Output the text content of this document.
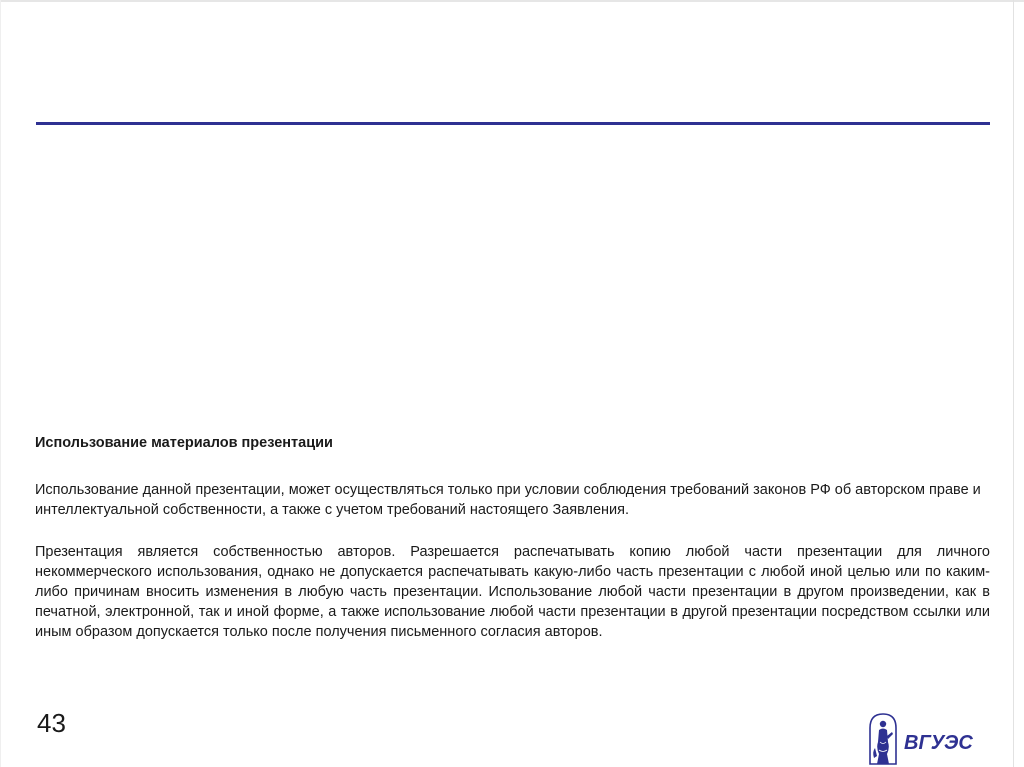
Использование материалов презентации

Использование данной презентации, может осуществляться только при условии соблюдения требований законов РФ об авторском праве и интеллектуальной собственности, а также с учетом требований настоящего Заявления.

Презентация является собственностью авторов. Разрешается распечатывать копию любой части презентации для личного некоммерческого использования, однако не допускается распечатывать какую-либо часть презентации с любой иной целью или по каким-либо причинам вносить изменения в любую часть презентации. Использование любой части презентации в другом произведении, как в печатной, электронной, так и иной форме, а также использование любой части презентации в другой презентации посредством ссылки или иным образом допускается только после получения письменного согласия авторов.

43
ВГУЭС
